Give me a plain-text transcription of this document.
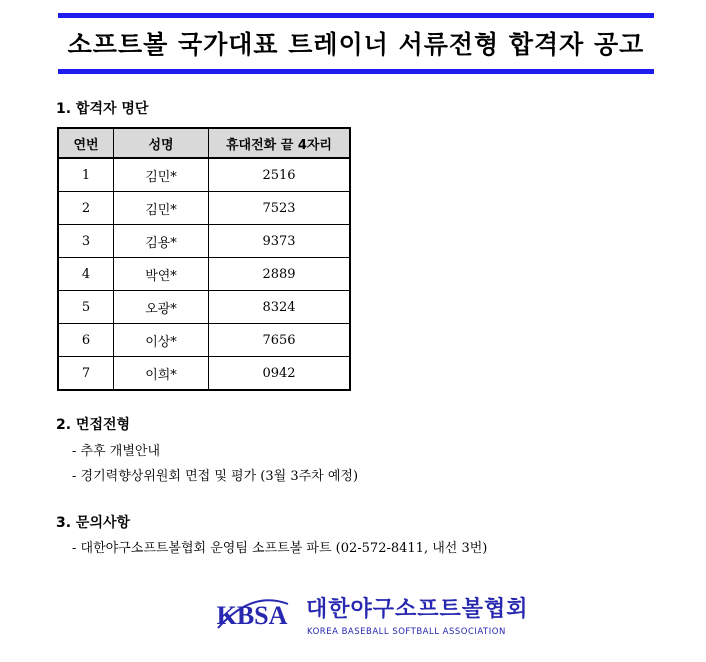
소프트볼 국가대표 트레이너 서류전형 합격자 공고
1. 합격자 명단
연번	성명	휴대전화 끝 4자리
1	김민*	2516
2	김민*	7523
3	김용*	9373
4	박연*	2889
5	오광*	8324
6	이상*	7656
7	이희*	0942
2. 면접전형
- 추후 개별안내
- 경기력향상위원회 면접 및 평가 (3월 3주차 예정)
3. 문의사항
- 대한야구소프트볼협회 운영팀 소프트볼 파트 (02-572-8411, 내선 3번)
KBSA 대한야구소프트볼협회
KOREA BASEBALL SOFTBALL ASSOCIATION
